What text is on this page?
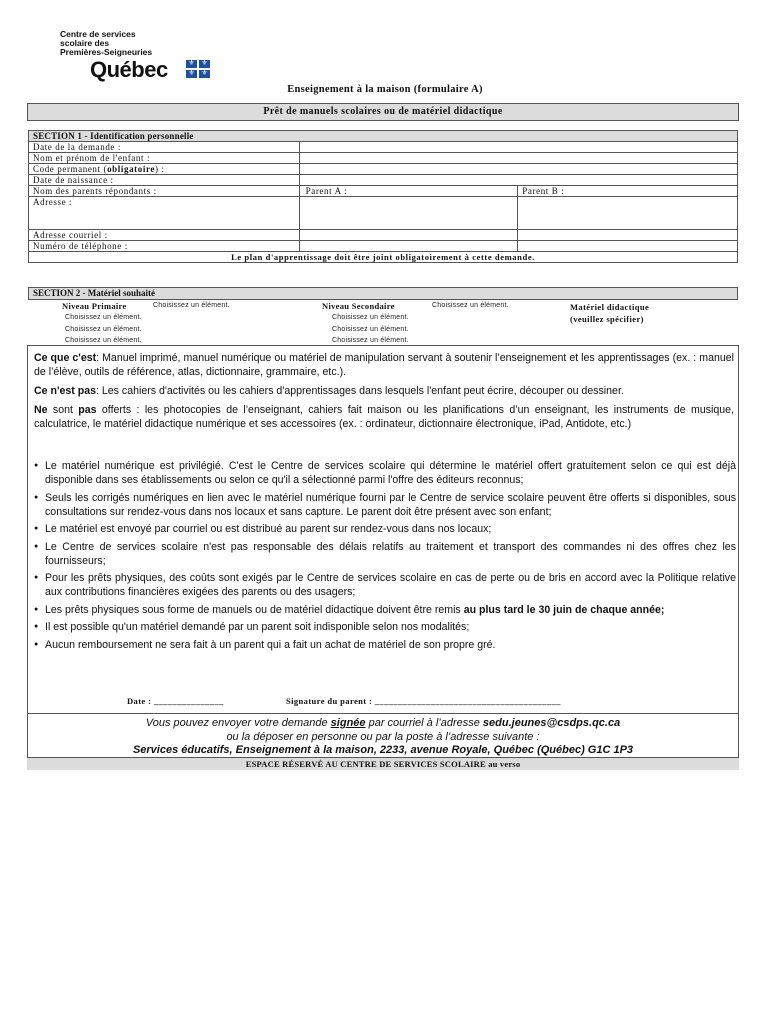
Centre de services
scolaire des
Premières-Seigneuries
Québec	⚜ ⚜
⚜ ⚜
Enseignement à la maison (formulaire A)
Prêt de manuels scolaires ou de matériel didactique
SECTION 1 - Identification personnelle		
Date de la demande :		
Nom et prénom de l'enfant :		
Code permanent (obligatoire) :		
Date de naissance :		
Nom des parents répondants :	Parent A :	Parent B :
Adresse :		
Adresse courriel :		
Numéro de téléphone :		
Le plan d'apprentissage doit être joint obligatoirement à cette demande.		
SECTION 2 - Matériel souhaité
Niveau Primaire	Choisissez un élément.
Choisissez un élément.
Choisissez un élément.
Choisissez un élément.
Niveau Secondaire	Choisissez un élément.
Choisissez un élément.
Choisissez un élément.
Choisissez un élément.
Matériel didactique
(veuillez spécifier)
Ce que c'est: Manuel imprimé, manuel numérique ou matériel de manipulation servant à soutenir l’enseignement et les apprentissages (ex. : manuel de l’élève, outils de référence, atlas, dictionnaire, grammaire, etc.).
Ce n'est pas: Les cahiers d'activités ou les cahiers d'apprentissages dans lesquels l'enfant peut écrire, découper ou dessiner.
Ne sont pas offerts : les photocopies de l’enseignant, cahiers fait maison ou les planifications d’un enseignant, les instruments de musique, calculatrice, le matériel didactique numérique et ses accessoires (ex. : ordinateur, dictionnaire électronique, iPad, Antidote, etc.)
● Le matériel numérique est privilégié. C'est le Centre de services scolaire qui détermine le matériel offert gratuitement selon ce qui est déjà disponible dans ses établissements ou selon ce qu'il a sélectionné parmi l'offre des éditeurs reconnus;
● Seuls les corrigés numériques en lien avec le matériel numérique fourni par le Centre de service scolaire peuvent être offerts si disponibles, sous consultations sur rendez-vous dans nos locaux et sans capture. Le parent doit être présent avec son enfant;
● Le matériel est envoyé par courriel ou est distribué au parent sur rendez-vous dans nos locaux;
● Le Centre de services scolaire n'est pas responsable des délais relatifs au traitement et transport des commandes ni des offres chez les fournisseurs;
● Pour les prêts physiques, des coûts sont exigés par le Centre de services scolaire en cas de perte ou de bris en accord avec la Politique relative aux contributions financières exigées des parents ou des usagers;
● Les prêts physiques sous forme de manuels ou de matériel didactique doivent être remis au plus tard le 30 juin de chaque année;
● Il est possible qu'un matériel demandé par un parent soit indisponible selon nos modalités;
● Aucun remboursement ne sera fait à un parent qui a fait un achat de matériel de son propre gré.
Date : _______________	Signature du parent : ________________________________________
Vous pouvez envoyer votre demande signée par courriel à l’adresse sedu.jeunes@csdps.qc.ca
ou la déposer en personne ou par la poste à l’adresse suivante :
Services éducatifs, Enseignement à la maison, 2233, avenue Royale, Québec (Québec) G1C 1P3
ESPACE RÉSERVÉ AU CENTRE DE SERVICES SCOLAIRE au verso
